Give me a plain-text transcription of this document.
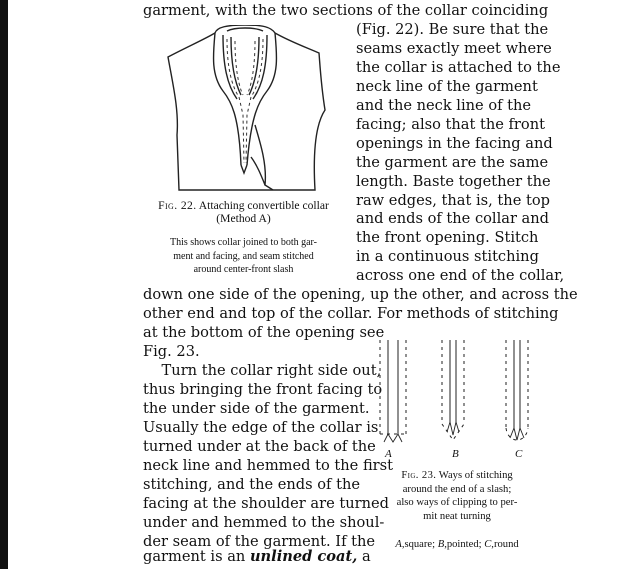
garment, with the two sections of the collar coinciding
(Fig. 22). Be sure that the
seams exactly meet where
the collar is attached to the
neck line of the garment
and the neck line of the
facing; also that the front
openings in the facing and
the garment are the same
length. Baste together the
raw edges, that is, the top
and ends of the collar and
the front opening. Stitch
in a continuous stitching
across one end of the collar,
Fig. 22. Attaching convertible collar
(Method A)
This shows collar joined to both gar-
ment and facing, and seam stitched
around center-front slash
down one side of the opening, up the other, and across the
other end and top of the collar. For methods of stitching
at the bottom of the opening see
Fig. 23.
Turn the collar right side out,
thus bringing the front facing to
the under side of the garment.
Usually the edge of the collar is
turned under at the back of the
neck line and hemmed to the first
stitching, and the ends of the
facing at the shoulder are turned
under and hemmed to the shoul-
der seam of the garment. If the
garment is an unlined coat, a
A	B	C
Fig. 23. Ways of stitching
around the end of a slash;
also ways of clipping to per-
mit neat turning
A,square; B,pointed; C,round
